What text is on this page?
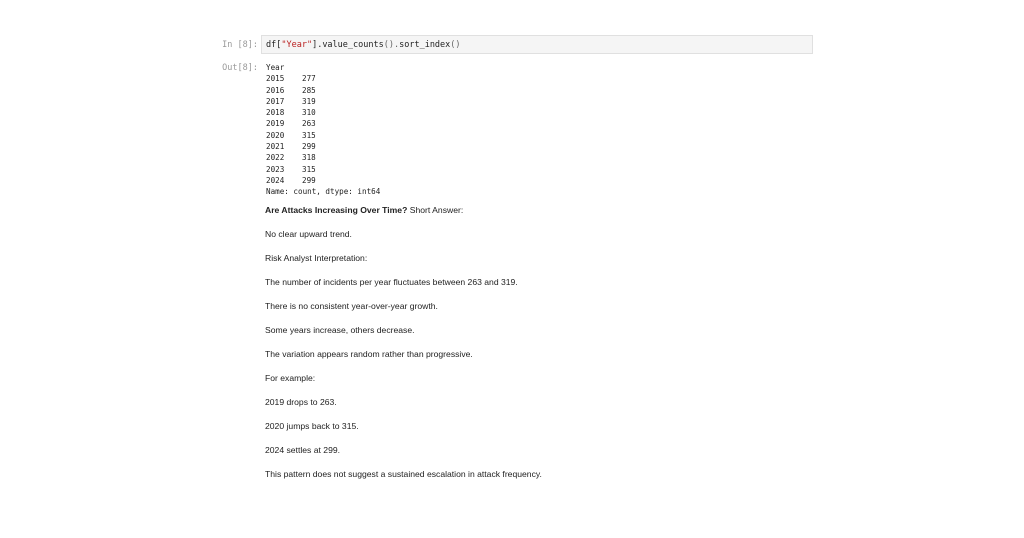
In [8]: df["Year"].value_counts().sort_index()
Out[8]: Year
2015	277
2016	285
2017	319
2018	310
2019	263
2020	315
2021	299
2022	318
2023	315
2024	299
Name: count, dtype: int64
Are Attacks Increasing Over Time? Short Answer:
No clear upward trend.
Risk Analyst Interpretation:
The number of incidents per year fluctuates between 263 and 319.
There is no consistent year-over-year growth.
Some years increase, others decrease.
The variation appears random rather than progressive.
For example:
2019 drops to 263.
2020 jumps back to 315.
2024 settles at 299.
This pattern does not suggest a sustained escalation in attack frequency.
